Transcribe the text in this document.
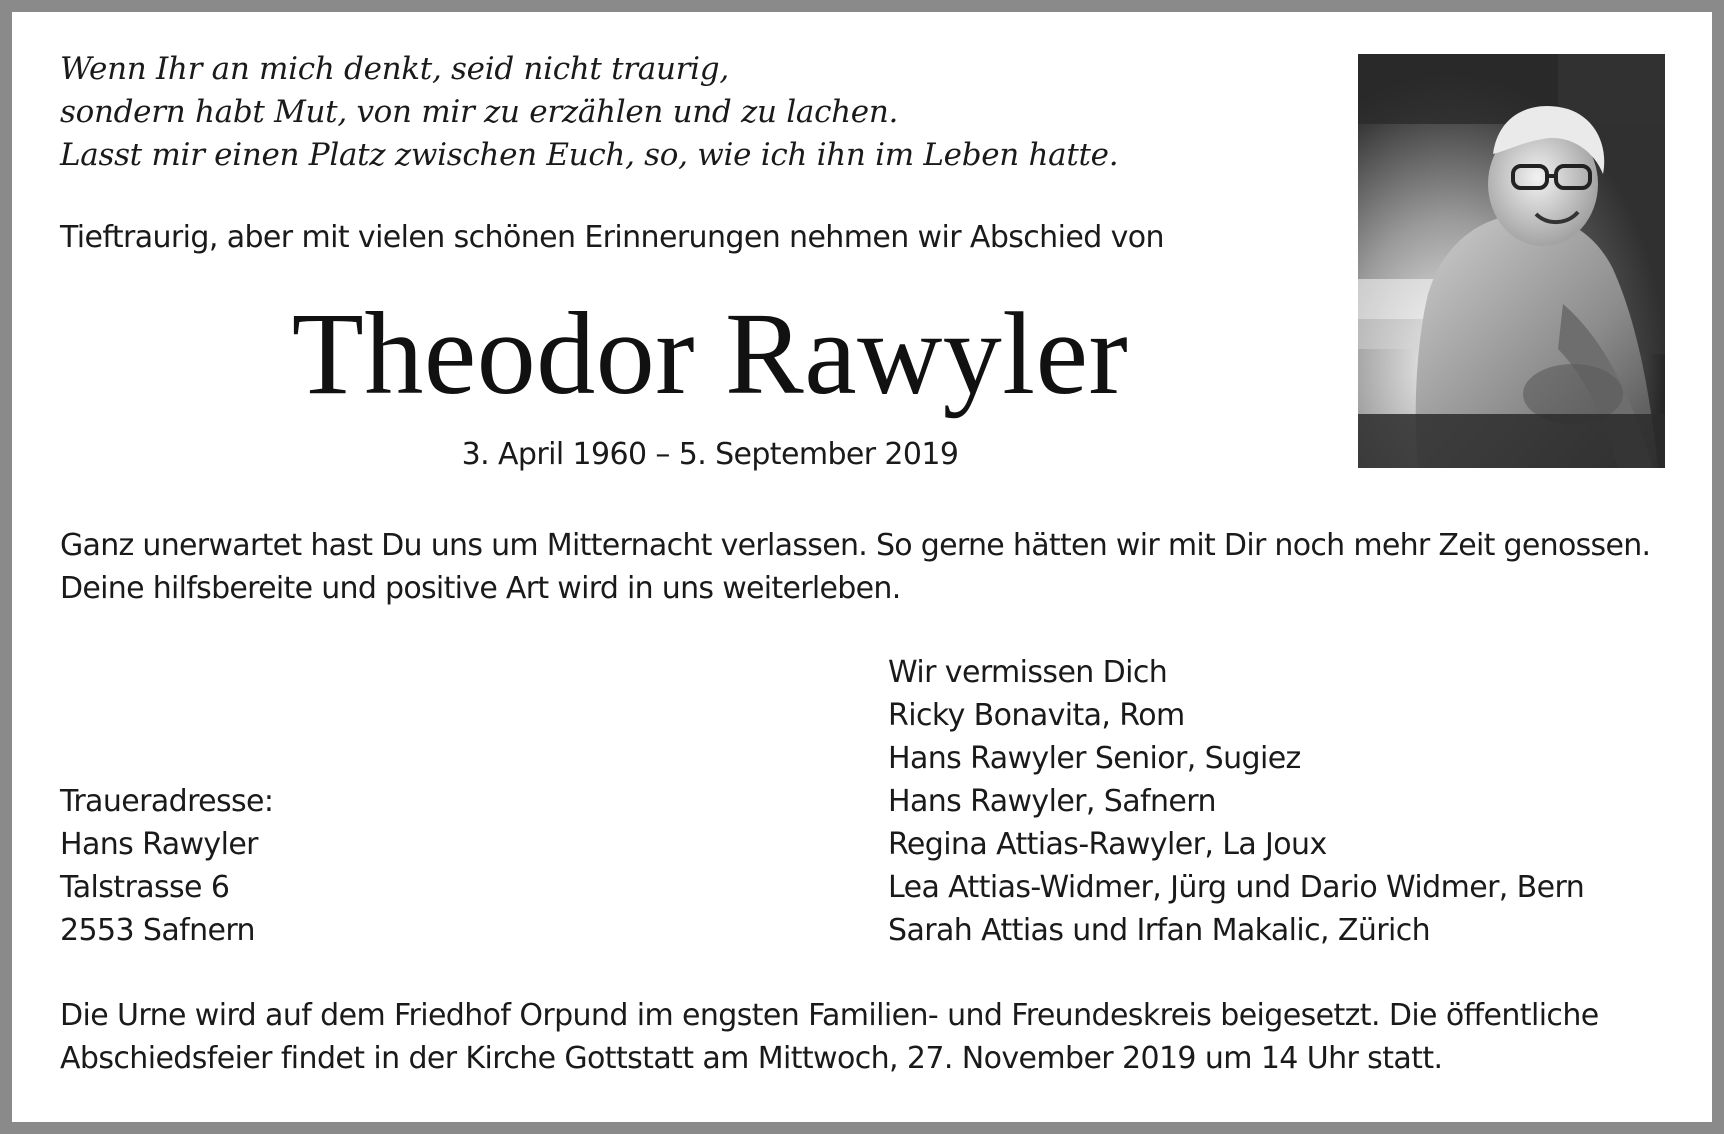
Wenn Ihr an mich denkt, seid nicht traurig,
sondern habt Mut, von mir zu erzählen und zu lachen.
Lasst mir einen Platz zwischen Euch, so, wie ich ihn im Leben hatte.
Tieftraurig, aber mit vielen schönen Erinnerungen nehmen wir Abschied von
Theodor Rawyler
3. April 1960 – 5. September 2019
Ganz unerwartet hast Du uns um Mitternacht verlassen. So gerne hätten wir mit Dir noch mehr Zeit genossen.
Deine hilfsbereite und positive Art wird in uns weiterleben.
Wir vermissen Dich
Ricky Bonavita, Rom
Hans Rawyler Senior, Sugiez
Hans Rawyler, Safnern
Regina Attias-Rawyler, La Joux
Lea Attias-Widmer, Jürg und Dario Widmer, Bern
Sarah Attias und Irfan Makalic, Zürich
Traueradresse:
Hans Rawyler
Talstrasse 6
2553 Safnern
Die Urne wird auf dem Friedhof Orpund im engsten Familien- und Freundeskreis beigesetzt. Die öffentliche
Abschiedsfeier findet in der Kirche Gottstatt am Mittwoch, 27. November 2019 um 14 Uhr statt.
